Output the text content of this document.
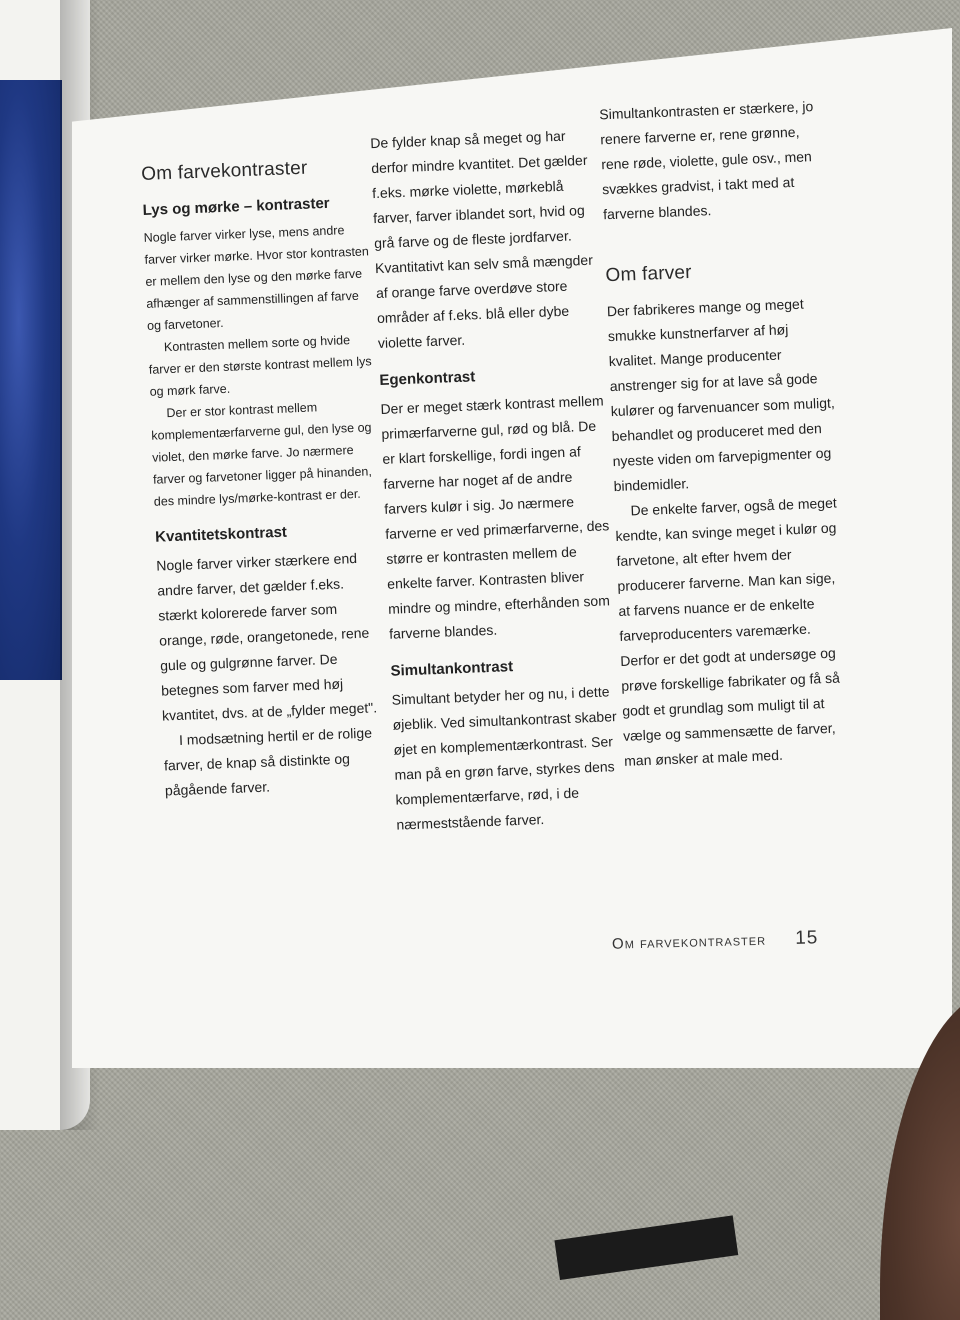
Om farvekontraster
Lys og mørke – kontraster

Nogle farver virker lyse, mens andre farver virker mørke. Hvor stor kontrasten er mellem den lyse og den mørke farve afhænger af sammenstillingen af farve og farvetoner.

Kontrasten mellem sorte og hvide farver er den største kontrast mellem lys og mørk farve.

Der er stor kontrast mellem komplementærfarverne gul, den lyse og violet, den mørke farve. Jo nærmere farver og farvetoner ligger på hinanden, des mindre lys/mørke-kontrast er der.

Kvantitetskontrast

Nogle farver virker stærkere end andre farver, det gælder f.eks. stærkt kolorerede farver som orange, røde, orangetonede, rene gule og gulgrønne farver. De betegnes som farver med høj kvantitet, dvs. at de „fylder meget".

I modsætning hertil er de rolige farver, de knap så distinkte og pågående farver.

De fylder knap så meget og har derfor mindre kvantitet. Det gælder f.eks. mørke violette, mørkeblå farver, farver iblandet sort, hvid og grå farve og de fleste jordfarver. Kvantitativt kan selv små mængder af orange farve overdøve store områder af f.eks. blå eller dybe violette farver.

Egenkontrast

Der er meget stærk kontrast mellem primærfarverne gul, rød og blå. De er klart forskellige, fordi ingen af farverne har noget af de andre farvers kulør i sig. Jo nærmere farverne er ved primærfarverne, des større er kontrasten mellem de enkelte farver. Kontrasten bliver mindre og mindre, efterhånden som farverne blandes.

Simultankontrast

Simultant betyder her og nu, i dette øjeblik. Ved simultankontrast skaber øjet en komplementærkontrast. Ser man på en grøn farve, styrkes dens komplementærfarve, rød, i de nærmeststående farver.

Simultankontrasten er stærkere, jo renere farverne er, rene grønne, rene røde, violette, gule osv., men svækkes gradvist, i takt med at farverne blandes.

Om farver

Der fabrikeres mange og meget smukke kunstnerfarver af høj kvalitet. Mange producenter anstrenger sig for at lave så gode kulører og farvenuancer som muligt, behandlet og produceret med den nyeste viden om farvepigmenter og bindemidler.

De enkelte farver, også de meget kendte, kan svinge meget i kulør og farvetone, alt efter hvem der producerer farverne. Man kan sige, at farvens nuance er de enkelte farveproducenters varemærke. Derfor er det godt at undersøge og prøve forskellige fabrikater og få så godt et grundlag som muligt til at vælge og sammensætte de farver, man ønsker at male med.

Om farvekontraster 15
